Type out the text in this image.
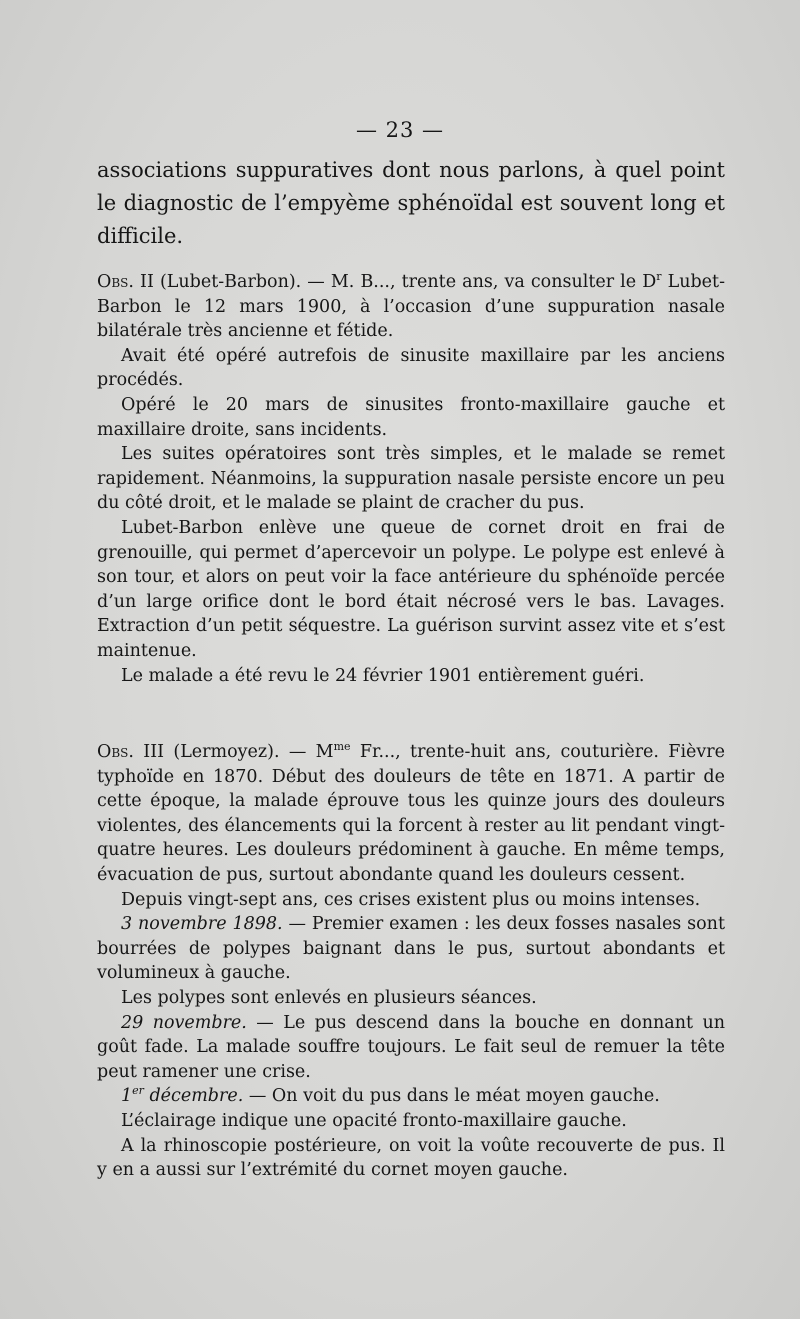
— 23 —

associations suppuratives dont nous parlons, à quel point le diagnostic de l’empyème sphénoïdal est souvent long et difficile.

Obs. II (Lubet-Barbon). — M. B..., trente ans, va consulter le $D^r$ Lubet-Barbon le 12 mars 1900, à l’occasion d’une suppuration nasale bilatérale très ancienne et fétide.

Avait été opéré autrefois de sinusite maxillaire par les anciens procédés.

Opéré le 20 mars de sinusites fronto-maxillaire gauche et maxillaire droite, sans incidents.

Les suites opératoires sont très simples, et le malade se remet rapidement. Néanmoins, la suppuration nasale persiste encore un peu du côté droit, et le malade se plaint de cracher du pus.

Lubet-Barbon enlève une queue de cornet droit en frai de grenouille, qui permet d’apercevoir un polype. Le polype est enlevé à son tour, et alors on peut voir la face antérieure du sphénoïde percée d’un large orifice dont le bord était nécrosé vers le bas. Lavages. Extraction d’un petit séquestre. La guérison survint assez vite et s’est maintenue.

Le malade a été revu le 24 février 1901 entièrement guéri.

Obs. III (Lermoyez). — $M^{me}$ Fr..., trente-huit ans, couturière. Fièvre typhoïde en 1870. Début des douleurs de tête en 1871. A partir de cette époque, la malade éprouve tous les quinze jours des douleurs violentes, des élancements qui la forcent à rester au lit pendant vingt-quatre heures. Les douleurs prédominent à gauche. En même temps, évacuation de pus, surtout abondante quand les douleurs cessent.

Depuis vingt-sept ans, ces crises existent plus ou moins intenses.

3 novembre 1898. — Premier examen : les deux fosses nasales sont bourrées de polypes baignant dans le pus, surtout abondants et volumineux à gauche.

Les polypes sont enlevés en plusieurs séances.

29 novembre. — Le pus descend dans la bouche en donnant un goût fade. La malade souffre toujours. Le fait seul de remuer la tête peut ramener une crise.

1er décembre. — On voit du pus dans le méat moyen gauche.

L’éclairage indique une opacité fronto-maxillaire gauche.

A la rhinoscopie postérieure, on voit la voûte recouverte de pus. Il y en a aussi sur l’extrémité du cornet moyen gauche.
